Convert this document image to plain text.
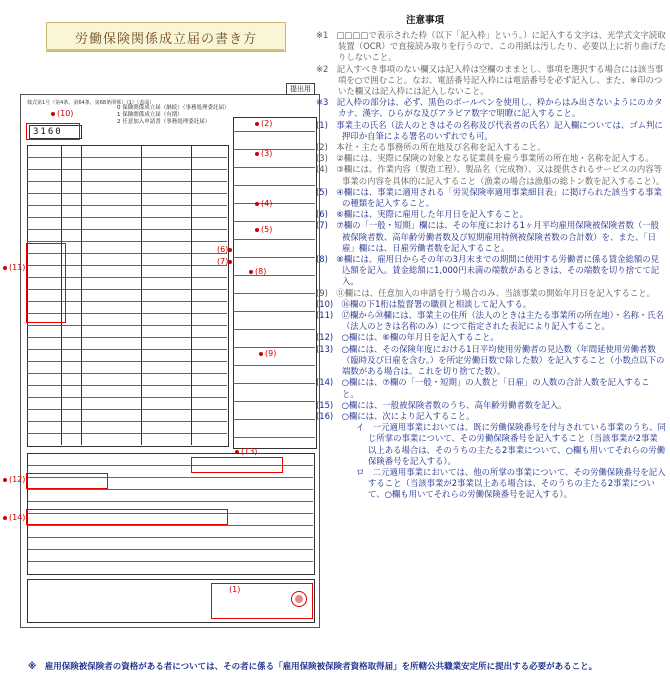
労働保険関係成立届の書き方
提出用
様式第1号（第4条、第64条、第68条関係）（1）（表面）
0 保険関係成立届（継続）（事務処理委託届）
1 保険関係成立届（有期）
2 任意加入申請書（事務処理委託届）
3160
(10)
(2)
(3)
(4)
(5)
(11)
(6)
(7)
(8)
(9)
(13)
(12)
(14)
(1)
注意事項

※1　□□□□で表示された枠（以下「記入枠」という。）に記入する文字は、光学式文字読取装置（OCR）で直接読み取りを行うので、この用紙は汚したり、必要以上に折り曲げたりしないこと。

※2　記入すべき事項のない欄又は記入枠は空欄のままとし、事項を選択する場合には該当事項を○で囲むこと。なお、電話番号記入枠には電話番号を必ず記入し、また、※印のついた欄又は記入枠には記入しないこと。

※3　記入枠の部分は、必ず、黒色のボールペンを使用し、枠からはみ出さないようにのカタカナ、漢字、ひらがな及びアラビア数字で明瞭に記入すること。

(1)　事業主の氏名（法人のときはその名称及び代表者の氏名）記入欄については、ゴム判に押印か自筆による署名のいずれでも可。

(2)　本社・主たる事務所の所在地及び名称を記入すること。

(3)　②欄には、実際に保険の対象となる従業員を雇う事業所の所在地・名称を記入する。

(4)　③欄には、作業内容（製造工程）、製品名（完成物）、又は提供されるサービスの内容等事業の内容を具体的に記入すること（漁業の場合は漁船の総トン数を記入すること）。

(5)　④欄には、事業に適用される「労災保険率適用事業細目表」に掲げられた該当する事業の種類を記入すること。

(6)　⑥欄には、実際に雇用した年月日を記入すること。

(7)　⑦欄の「一般・短期」欄には、その年度における1ヶ月平均雇用保険被保険者数（一般被保険者数、高年齢労働者数及び短期雇用特例被保険者数の合計数）を、また、「日雇」欄には、日雇労働者数を記入すること。

(8)　⑧欄には、雇用日からその年の3月末までの期間に使用する労働者に係る賃金総額の見込額を記入。賃金総額に1,000円未満の端数があるときは、その端数を切り捨てて記入。

(9)　⑪欄には、任意加入の申請を行う場合のみ、当該事業の開始年月日を記入すること。

(10)　⑯欄の下1桁は監督署の職員と相談して記入する。

(11)　⑰欄から⑳欄には、事業主の住所（法人のときは主たる事業所の所在地）・名称・氏名（法人のときは名称のみ）につて指定された表記により記入すること。

(12)　○欄には、⑥欄の年月日を記入すること。

(13)　○欄には、その保険年度における1日平均使用労働者の見込数（年間延使用労働者数（臨時及び日雇を含む。）を所定労働日数で除した数）を記入すること（小数点以下の端数がある場合は、これを切り捨てた数）。

(14)　○欄には、⑦欄の「一般・短期」の人数と「日雇」の人数の合計人数を記入すること。

(15)　○欄には、一般被保険者数のうち、高年齢労働者数を記入。

(16)　○欄には、次により記入すること。

イ　一元適用事業においては、既に労働保険番号を付与されている事業のうち、同じ所掌の事業について、その労働保険番号を記入すること（当該事業が2事業以上ある場合は、そのうちの主たる2事業について、○欄も用いてそれらの労働保険番号を記入する）。

ロ　二元適用事業においては、他の所掌の事業について、その労働保険番号を記入すること（当該事業が2事業以上ある場合は、そのうちの主たる2事業について、○欄も用いてそれらの労働保険番号を記入する）。

※　雇用保険被保険者の資格がある者については、その者に係る「雇用保険被保険者資格取得届」を所轄公共職業安定所に提出する必要があること。
